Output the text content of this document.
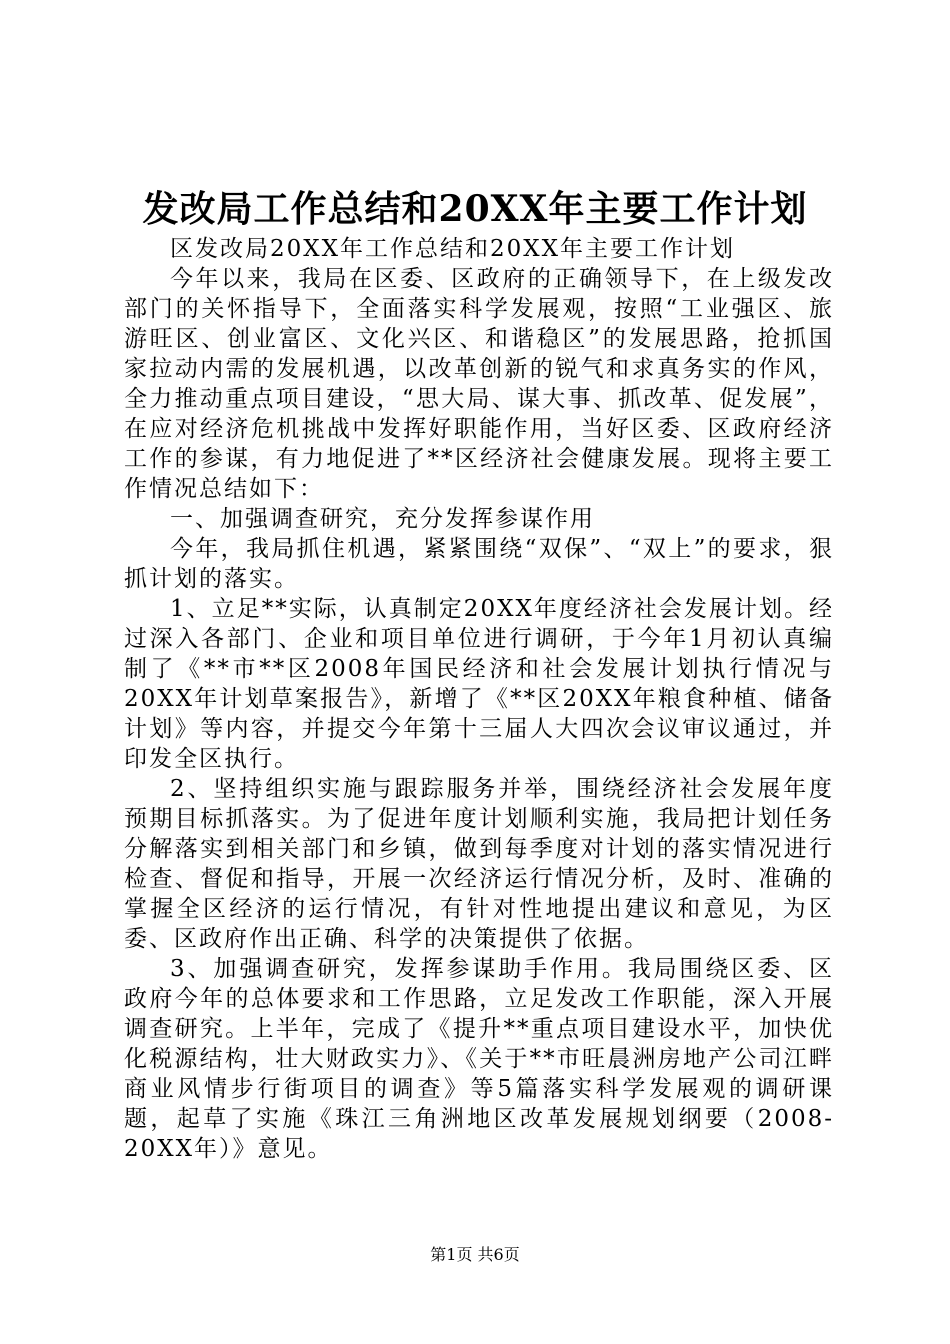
发改局工作总结和20XX年主要工作计划

区发改局20XX年工作总结和20XX年主要工作计划

今年以来，我局在区委、区政府的正确领导下，在上级发改部门的关怀指导下，全面落实科学发展观，按照“工业强区、旅游旺区、创业富区、文化兴区、和谐稳区”的发展思路，抢抓国家拉动内需的发展机遇，以改革创新的锐气和求真务实的作风，全力推动重点项目建设，“思大局、谋大事、抓改革、促发展”，在应对经济危机挑战中发挥好职能作用，当好区委、区政府经济工作的参谋，有力地促进了**区经济社会健康发展。现将主要工作情况总结如下：

一、加强调查研究，充分发挥参谋作用

今年，我局抓住机遇，紧紧围绕“双保”、“双上”的要求，狠抓计划的落实。

1、立足**实际，认真制定20XX年度经济社会发展计划。经过深入各部门、企业和项目单位进行调研，于今年1月初认真编制了《**市**区2008年国民经济和社会发展计划执行情况与20XX年计划草案报告》，新增了《**区20XX年粮食种植、储备计划》等内容，并提交今年第十三届人大四次会议审议通过，并印发全区执行。

2、坚持组织实施与跟踪服务并举，围绕经济社会发展年度预期目标抓落实。为了促进年度计划顺利实施，我局把计划任务分解落实到相关部门和乡镇，做到每季度对计划的落实情况进行检查、督促和指导，开展一次经济运行情况分析，及时、准确的掌握全区经济的运行情况，有针对性地提出建议和意见，为区委、区政府作出正确、科学的决策提供了依据。

3、加强调查研究，发挥参谋助手作用。我局围绕区委、区政府今年的总体要求和工作思路，立足发改工作职能，深入开展调查研究。上半年，完成了《提升**重点项目建设水平，加快优化税源结构，壮大财政实力》、《关于**市旺晨洲房地产公司江畔商业风情步行街项目的调查》等5篇落实科学发展观的调研课题，起草了实施《珠江三角洲地区改革发展规划纲要（2008-20XX年）》意见。

第1页 共6页
